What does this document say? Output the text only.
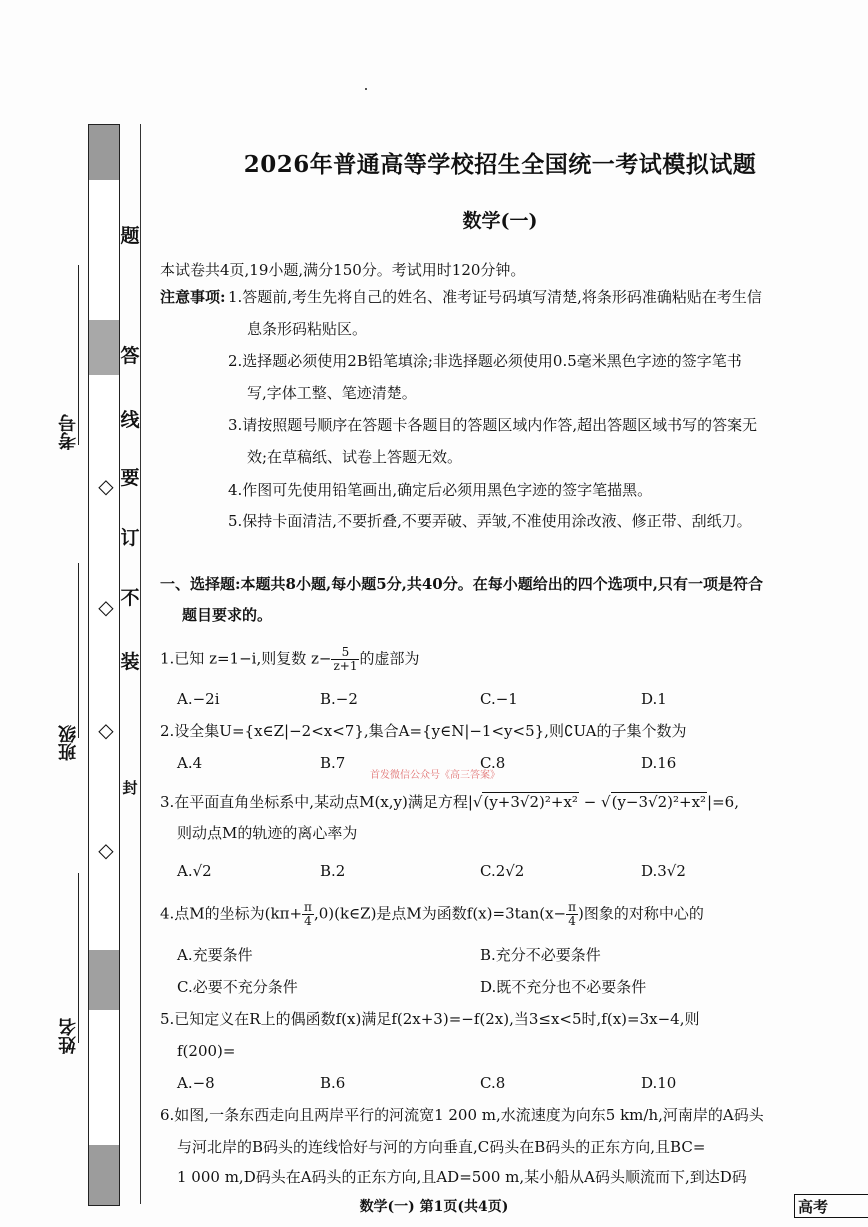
题
答
线
◇ 要
订
◇ 不
装
◇
封
◇
考号
班级
姓名
2026年普通高等学校招生全国统一考试模拟试题
数学(一)
本试卷共4页,19小题,满分150分。考试用时120分钟。
注意事项: 1.答题前,考生先将自己的姓名、准考证号码填写清楚,将条形码准确粘贴在考生信
息条形码粘贴区。
2.选择题必须使用2B铅笔填涂;非选择题必须使用0.5毫米黑色字迹的签字笔书
写,字体工整、笔迹清楚。
3.请按照题号顺序在答题卡各题目的答题区域内作答,超出答题区域书写的答案无
效;在草稿纸、试卷上答题无效。
4.作图可先使用铅笔画出,确定后必须用黑色字迹的签字笔描黑。
5.保持卡面清洁,不要折叠,不要弄破、弄皱,不准使用涂改液、修正带、刮纸刀。
一、选择题:本题共8小题,每小题5分,共40分。在每小题给出的四个选项中,只有一项是符合
题目要求的。
1.已知 z=1−i,则复数 $z- \frac{5}{z+1}$ 的虚部为
A.−2i	B.−2	C.−1	D.1
2.设全集U={x∈Z|−2<x<7},集合A={y∈N|−1<y<5},则∁UA的子集个数为
A.4	B.7	C.8	D.16
首发微信公众号《高三答案》
3.在平面直角坐标系中,某动点M(x,y)满足方程|√(y+3√2)²+x² − √(y−3√2)²+x²|=6,
则动点M的轨迹的离心率为
A.√2	B.2	C.2√2	D.3√2
4.点M的坐标为($k\pi+ \frac{\pi}{4}$ ,0)(k∈Z)是点M为函数$f(x)=3\tan(x- \frac{\pi}{4}$ )图象的对称中心的
A.充要条件	B.充分不必要条件
C.必要不充分条件	D.既不充分也不必要条件
5.已知定义在R上的偶函数f(x)满足f(2x+3)=−f(2x),当3≤x<5时,f(x)=3x−4,则
f(200)=
A.−8	B.6	C.8	D.10
6.如图,一条东西走向且两岸平行的河流宽1 200 m,水流速度为向东5 km/h,河南岸的A码头
与河北岸的B码头的连线恰好与河的方向垂直,C码头在B码头的正东方向,且BC=
1 000 m,D码头在A码头的正东方向,且AD=500 m,某小船从A码头顺流而下,到达D码
数学(一) 第1页(共4页)	高考
